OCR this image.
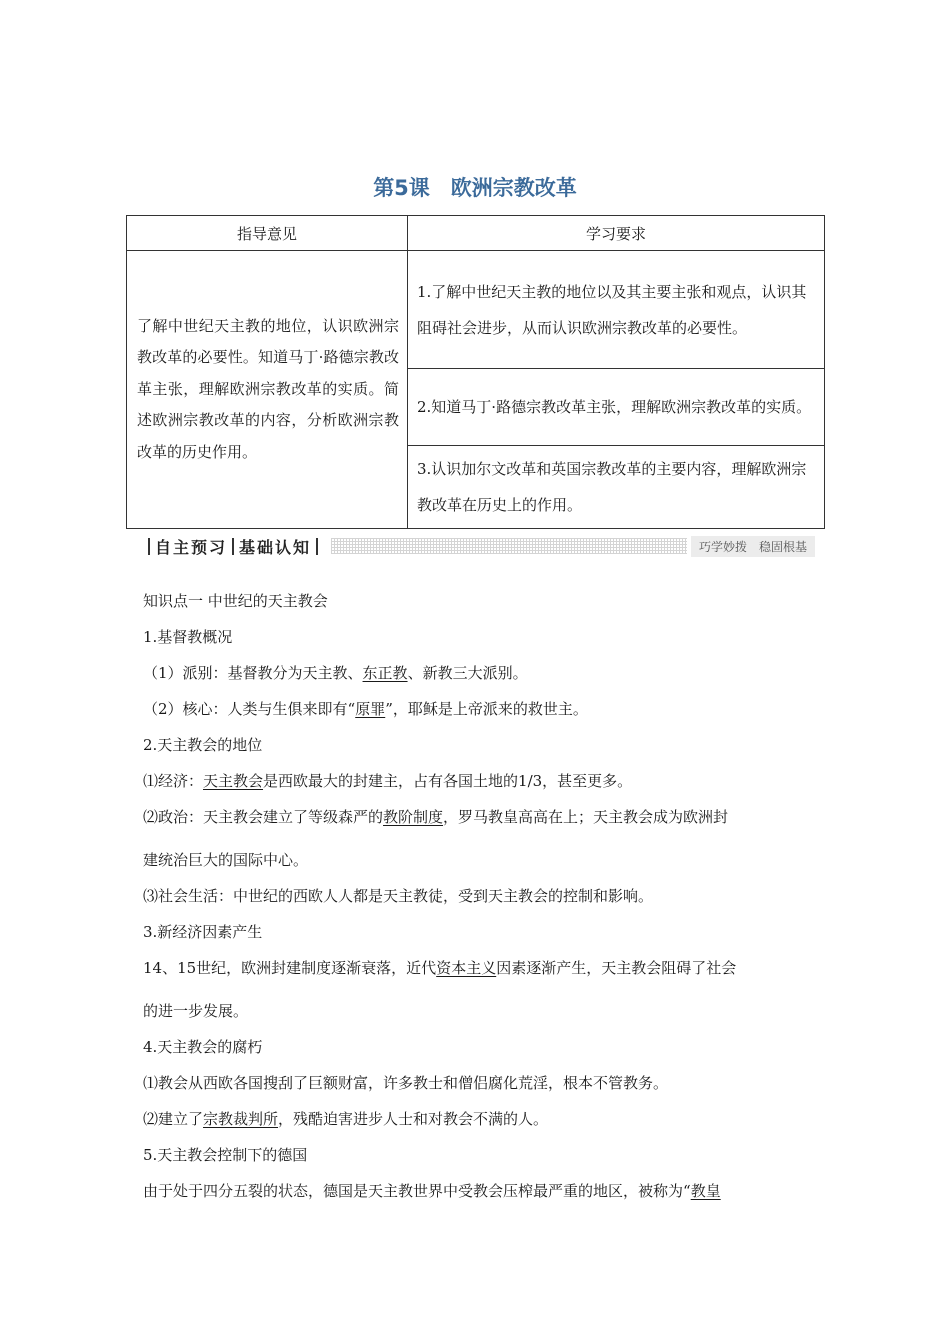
第5课　欧洲宗教改革
指导意见	学习要求
了解中世纪天主教的地位，认识欧洲宗教改革的必要性。知道马丁·路德宗教改革主张，理解欧洲宗教改革的实质。简述欧洲宗教改革的内容，分析欧洲宗教改革的历史作用。	1.了解中世纪天主教的地位以及其主要主张和观点，认识其阻碍社会进步，从而认识欧洲宗教改革的必要性。
	2.知道马丁·路德宗教改革主张，理解欧洲宗教改革的实质。
	3.认识加尔文改革和英国宗教改革的主要内容，理解欧洲宗教改革在历史上的作用。
自主预习 基础认知	巧学妙拨　稳固根基

知识点一 中世纪的天主教会

1.基督教概况

（1）派别：基督教分为天主教、东正教、新教三大派别。

（2）核心：人类与生俱来即有“原罪”，耶稣是上帝派来的救世主。

2.天主教会的地位

⑴经济：天主教会是西欧最大的封建主，占有各国土地的1/3，甚至更多。

⑵政治：天主教会建立了等级森严的教阶制度，罗马教皇高高在上；天主教会成为欧洲封

建统治巨大的国际中心。

⑶社会生活：中世纪的西欧人人都是天主教徒，受到天主教会的控制和影响。

3.新经济因素产生

14、15世纪，欧洲封建制度逐渐衰落，近代资本主义因素逐渐产生，天主教会阻碍了社会

的进一步发展。

4.天主教会的腐朽

⑴教会从西欧各国搜刮了巨额财富，许多教士和僧侣腐化荒淫，根本不管教务。

⑵建立了宗教裁判所，残酷迫害进步人士和对教会不满的人。

5.天主教会控制下的德国

由于处于四分五裂的状态，德国是天主教世界中受教会压榨最严重的地区，被称为“教皇
